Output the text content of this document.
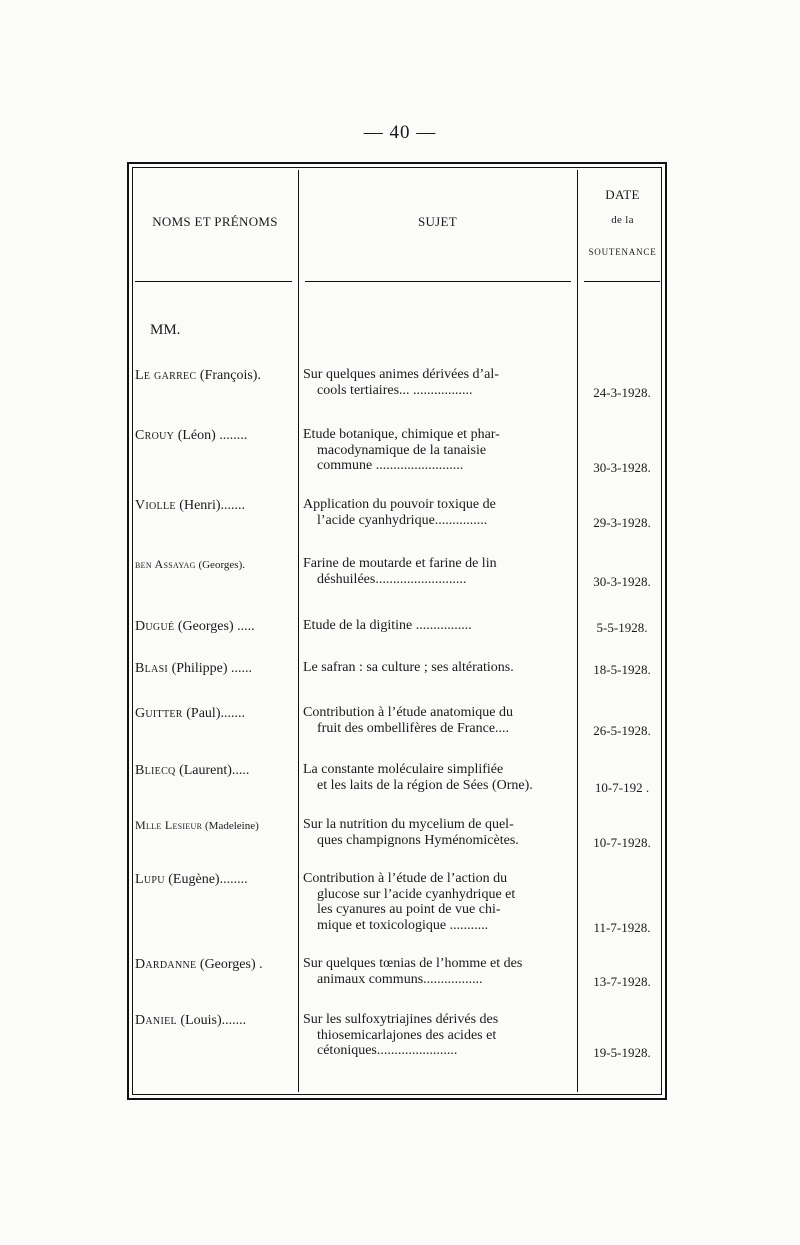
— 40 —
NOMS ET PRÉNOMS	SUJET
DATE
de la
SOUTENANCE
MM.
Le garrec (François).	Sur quelques animes dérivées d’al-
cools tertiaires... .................	24-3-1928.
Crouy (Léon) ........	Etude botanique, chimique et phar-
macodynamique de la tanaisie
commune .........................	30-3-1928.
Violle (Henri).......	Application du pouvoir toxique de
l’acide cyanhydrique...............	29-3-1928.
ben Assayag (Georges).	Farine de moutarde et farine de lin
déshuilées..........................	30-3-1928.
Dugué (Georges) .....	Etude de la digitine ................	5-5-1928.
Blasi (Philippe) ......	Le safran : sa culture ; ses altérations.	18-5-1928.
Guitter (Paul).......	Contribution à l’étude anatomique du
fruit des ombellifères de France....	26-5-1928.
Bliecq (Laurent).....	La constante moléculaire simplifiée
et les laits de la région de Sées (Orne).	10-7-192 .
Mlle Lesieur (Madeleine)	Sur la nutrition du mycelium de quel-
ques champignons Hyménomicètes.	10-7-1928.
Lupu (Eugène)........	Contribution à l’étude de l’action du
glucose sur l’acide cyanhydrique et
les cyanures au point de vue chi-
mique et toxicologique ...........	11-7-1928.
Dardanne (Georges) .	Sur quelques tœnias de l’homme et des
animaux communs.................	13-7-1928.
Daniel (Louis).......	Sur les sulfoxytriajines dérivés des
thiosemicarlajones des acides et
cétoniques.......................	19-5-1928.
